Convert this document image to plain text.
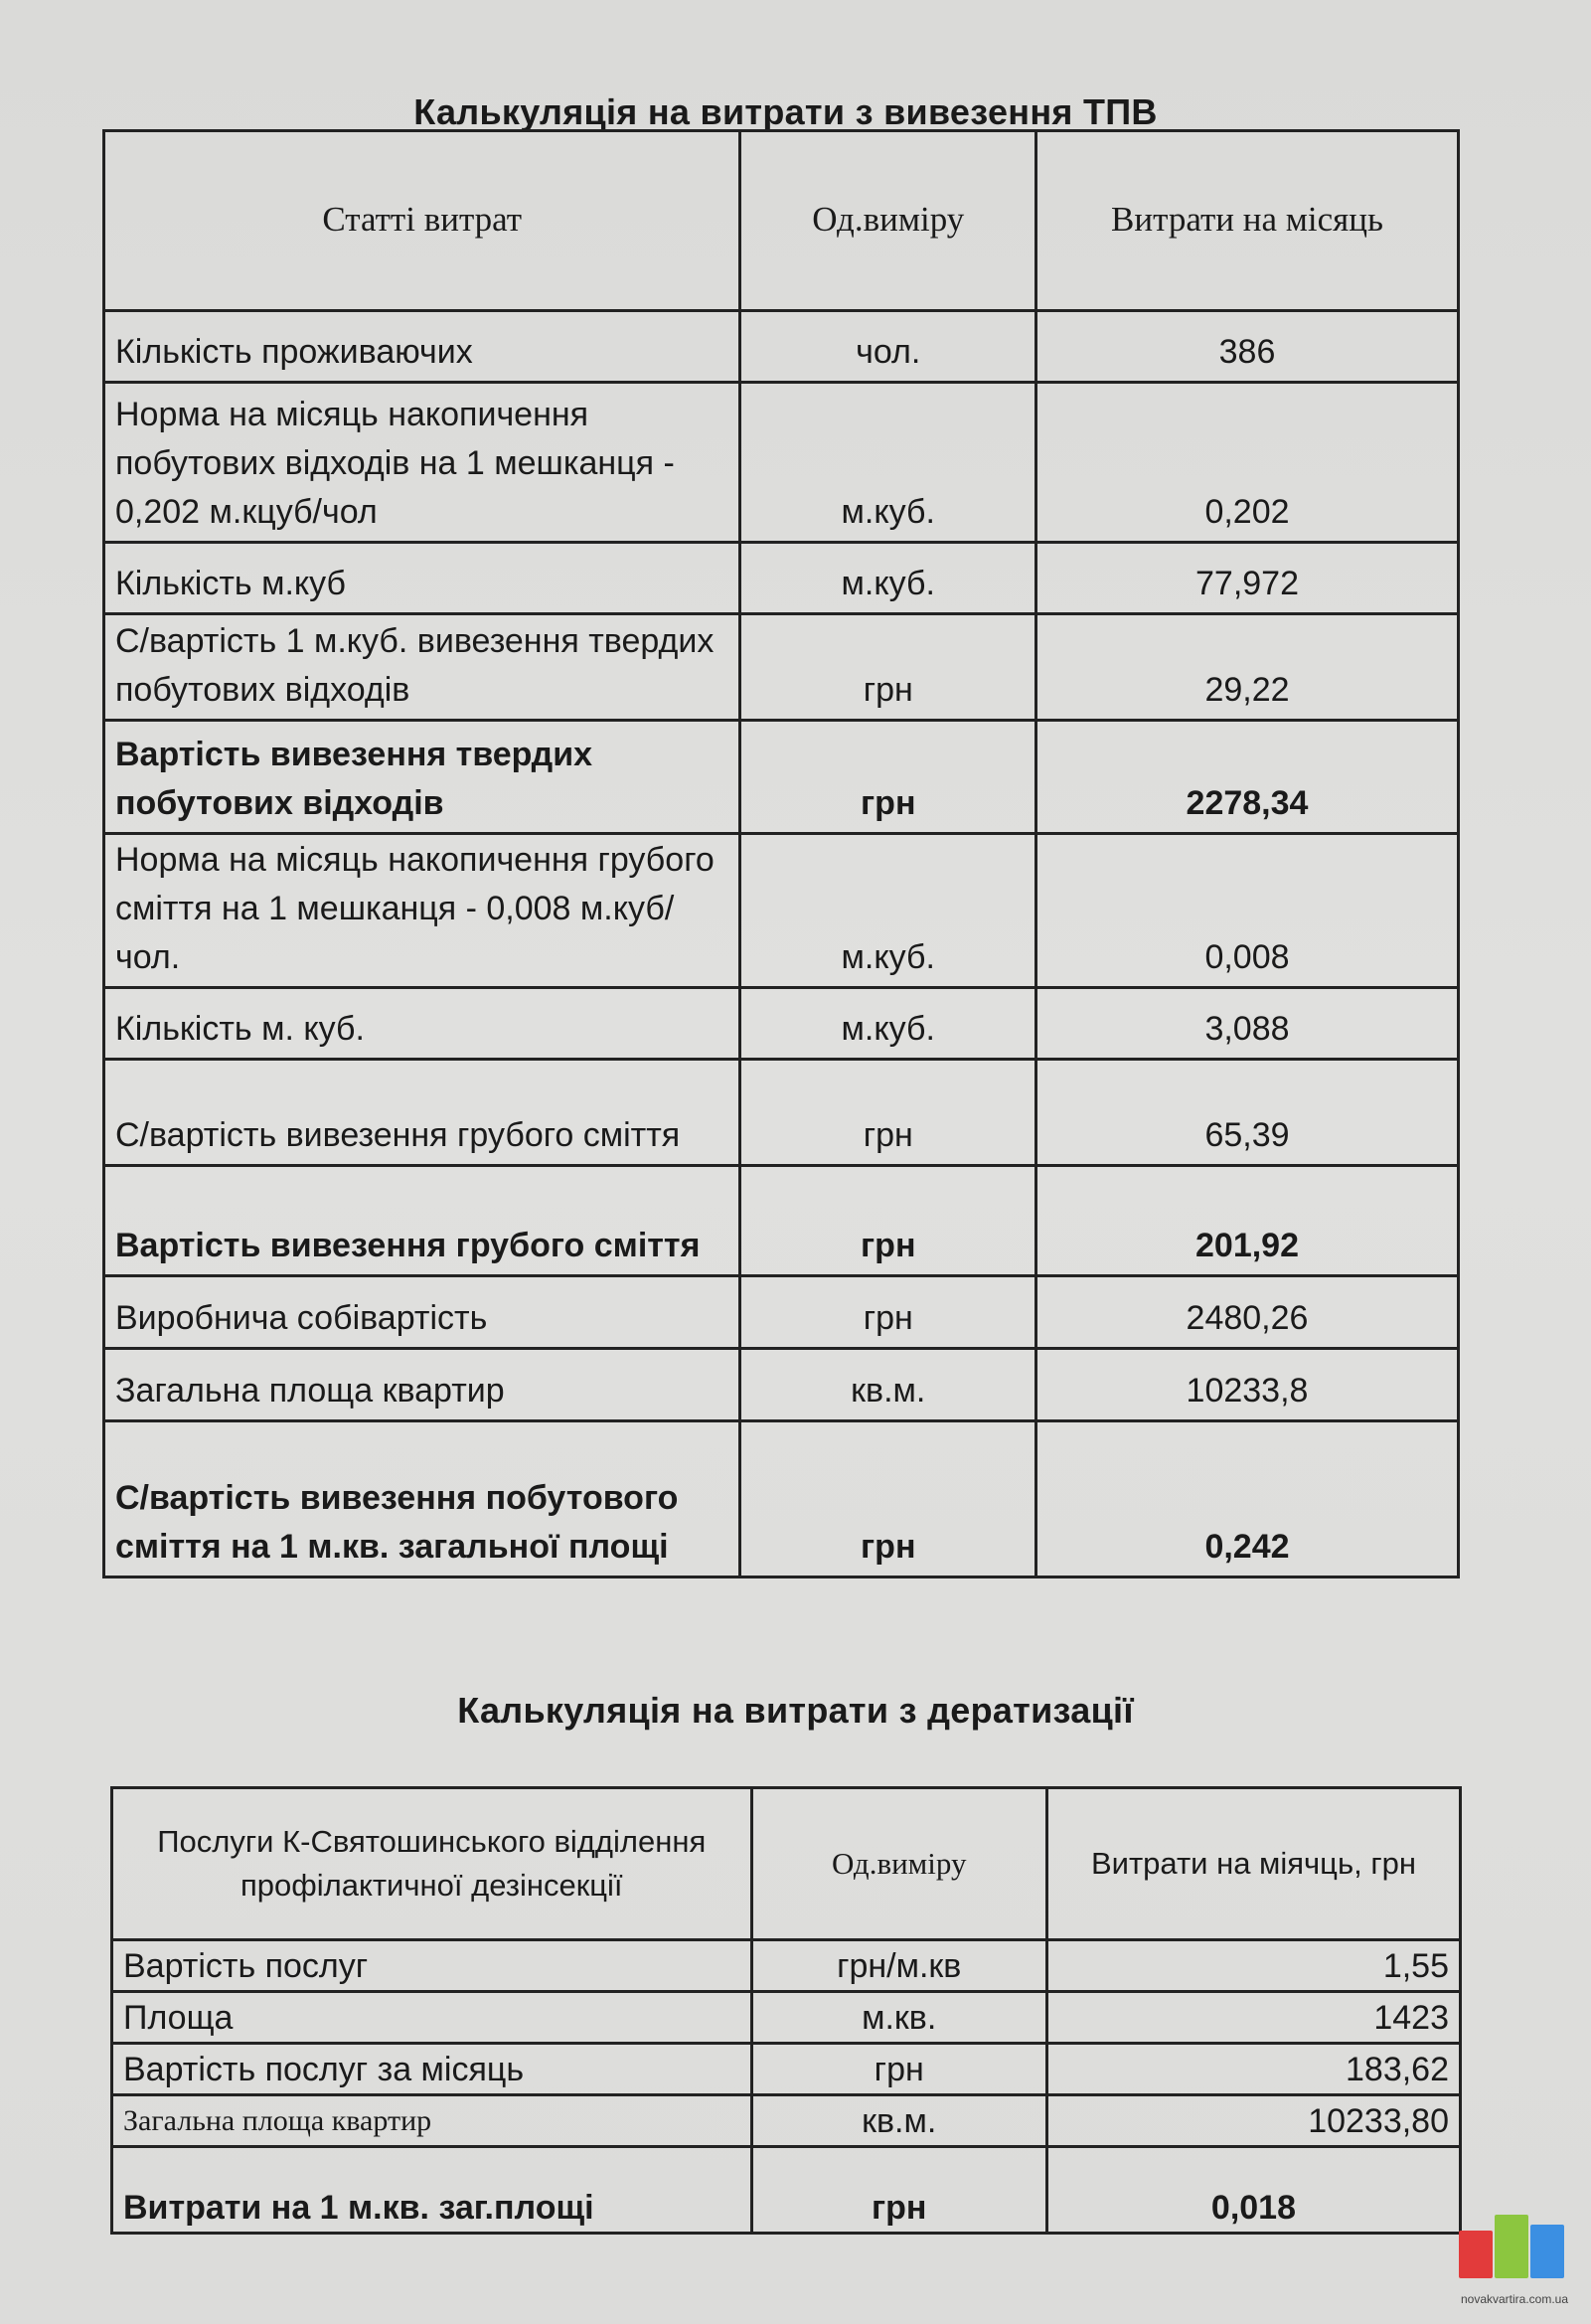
Калькуляція на витрати з вивезення ТПВ
Статті витрат	Од.виміру	Витрати на місяць
Кількість проживаючих	чол.	386
Норма на місяць накопичення побутових відходів на 1 мешканця - 0,202 м.кцуб/чол	м.куб.	0,202
Кількість м.куб	м.куб.	77,972
С/вартість 1 м.куб. вивезення твердих побутових відходів	грн	29,22
Вартість вивезення твердих побутових відходів	грн	2278,34
Норма на місяць накопичення грубого сміття на 1 мешканця - 0,008 м.куб/чол.	м.куб.	0,008
Кількість м. куб.	м.куб.	3,088
С/вартість вивезення грубого сміття	грн	65,39
Вартість вивезення грубого сміття	грн	201,92
Виробнича собівартість	грн	2480,26
Загальна площа квартир	кв.м.	10233,8
С/вартість вивезення побутового сміття на 1 м.кв. загальної площі	грн	0,242
Калькуляція на витрати з дератизації
Послуги К-Святошинського відділення профілактичної дезінсекції	Од.виміру	Витрати на міячць, грн
Вартість послуг	грн/м.кв	1,55
Площа	м.кв.	1423
Вартість послуг за місяць	грн	183,62
Загальна площа квартир	кв.м.	10233,80
Витрати на 1 м.кв. заг.площі	грн	0,018
novakvartira.com.ua
